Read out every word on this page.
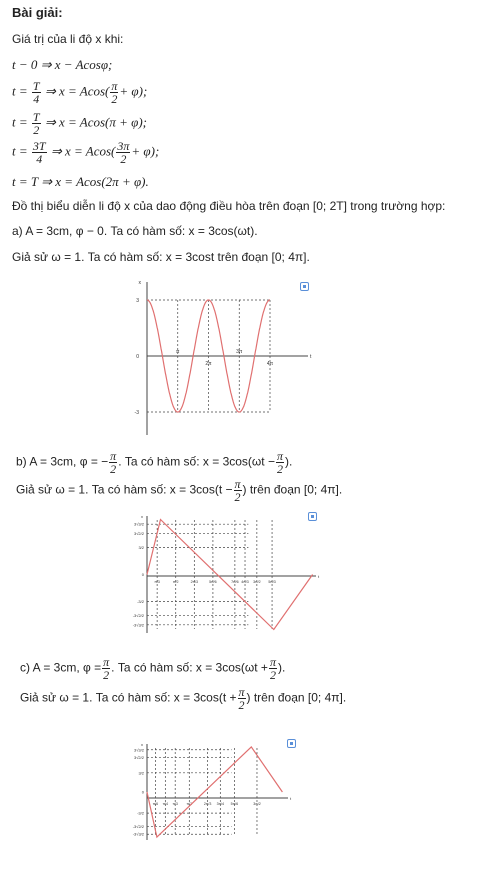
Bài giải:
Giá trị của li độ x khi:
t − 0 ⇒ x − Acosφ;
$t = \frac{T}{4}$ ⇒ $x = Acos( \frac{\pi}{2} + \varphi)$;
$t = \frac{T}{2}$ ⇒ x = Acos(π + φ);
$t = \frac{3T}{4}$ ⇒ $x = Acos( \frac{3\pi}{2} + \varphi)$;
t = T ⇒ x = Acos(2π + φ).
Đồ thị biểu diễn li độ x của dao động điều hòa trên đoạn [0; 2T] trong trường hợp:
a) A = 3cm, φ − 0. Ta có hàm số: x = 3cos(ωt).
Giả sử ω = 1. Ta có hàm số: x = 3cost trên đoạn [0; 4π].
x
t
3
0
-3
π
2π
3π
4π
b) A = 3cm, φ = − $\frac{\pi}{2}$ . Ta có hàm số: $x = 3\cos(\omega t - \frac{\pi}{2}$ ).
Giả sử ω = 1. Ta có hàm số: $x = 3\cos(t - \frac{\pi}{2}$ ) trên đoạn [0; 4π].
x
t
3√3/2
3√2/2
3/2
0
-3/2
-3√2/2
-3√3/2
π/3	π/2	2π/3	5π/6	7π/6 4π/3 3π/2 5π/3
c) A = 3cm, $\varphi = \frac{\pi}{2}$ . Ta có hàm số: $x = 3\cos(\omega t + \frac{\pi}{2}$ ).
Giả sử ω = 1. Ta có hàm số: $x = 3\cos(t + \frac{\pi}{2}$ ) trên đoạn [0; 4π].
x
t
3√3/2
3√2/2
3/2
0
-3/2
-3√2/2
-3√3/2
π/6 π/4 π/3 π/2	2π/3 3π/4 5π/6	3π/2
